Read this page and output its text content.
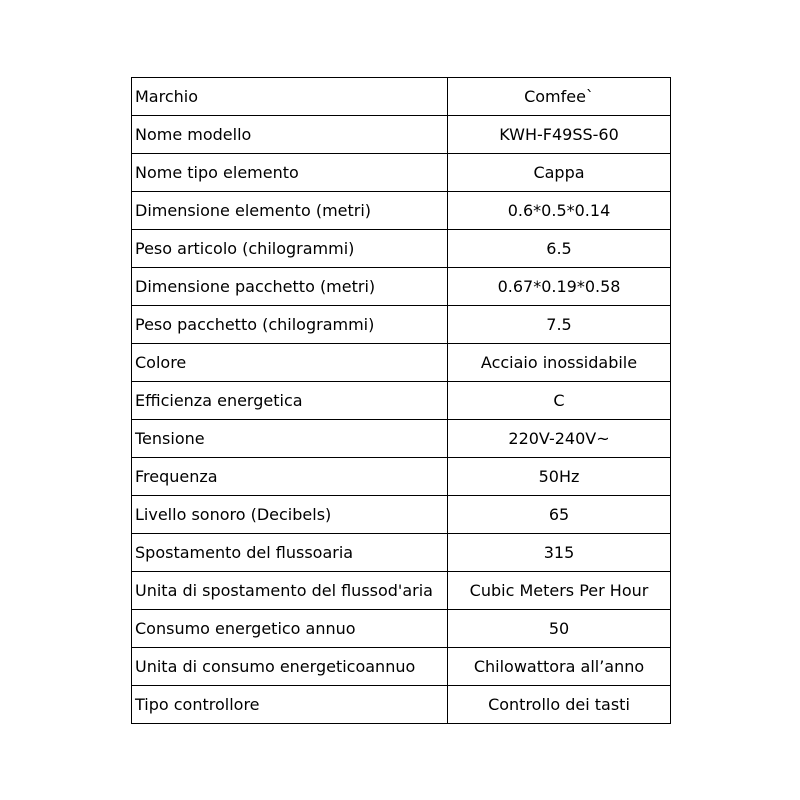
Marchio	Comfee`
Nome modello	KWH-F49SS-60
Nome tipo elemento	Cappa
Dimensione elemento (metri)	0.6*0.5*0.14
Peso articolo (chilogrammi)	6.5
Dimensione pacchetto (metri)	0.67*0.19*0.58
Peso pacchetto (chilogrammi)	7.5
Colore	Acciaio inossidabile
Efficienza energetica	C
Tensione	220V-240V~
Frequenza	50Hz
Livello sonoro (Decibels)	65
Spostamento del flussoaria	315
Unita di spostamento del flussod'aria	Cubic Meters Per Hour
Consumo energetico annuo	50
Unita di consumo energeticoannuo	Chilowattora all’anno
Tipo controllore	Controllo dei tasti
